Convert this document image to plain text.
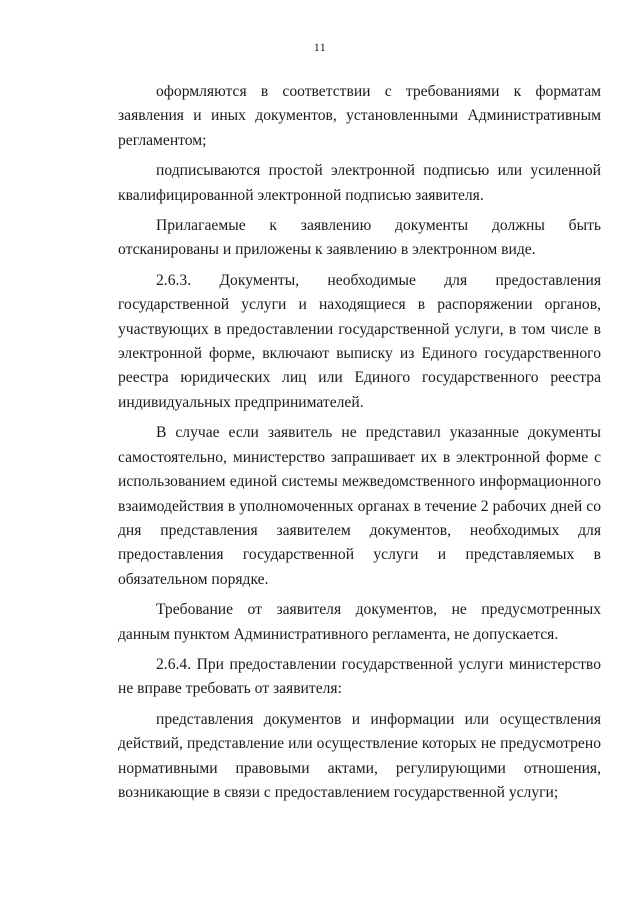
11

оформляются в соответствии с требованиями к форматам заявления и иных документов, установленными Административным регламентом;

подписываются простой электронной подписью или усиленной квалифицированной электронной подписью заявителя.

Прилагаемые к заявлению документы должны быть отсканированы и приложены к заявлению в электронном виде.

2.6.3. Документы, необходимые для предоставления государственной услуги и находящиеся в распоряжении органов, участвующих в предоставлении государственной услуги, в том числе в электронной форме, включают выписку из Единого государственного реестра юридических лиц или Единого государственного реестра индивидуальных предпринимателей.

В случае если заявитель не представил указанные документы самостоятельно, министерство запрашивает их в электронной форме с использованием единой системы межведомственного информационного взаимодействия в уполномоченных органах в течение 2 рабочих дней со дня представления заявителем документов, необходимых для предоставления государственной услуги и представляемых в обязательном порядке.

Требование от заявителя документов, не предусмотренных данным пунктом Административного регламента, не допускается.

2.6.4. При предоставлении государственной услуги министерство не вправе требовать от заявителя:

представления документов и информации или осуществления действий, представление или осуществление которых не предусмотрено нормативными правовыми актами, регулирующими отношения, возникающие в связи с предоставлением государственной услуги;
